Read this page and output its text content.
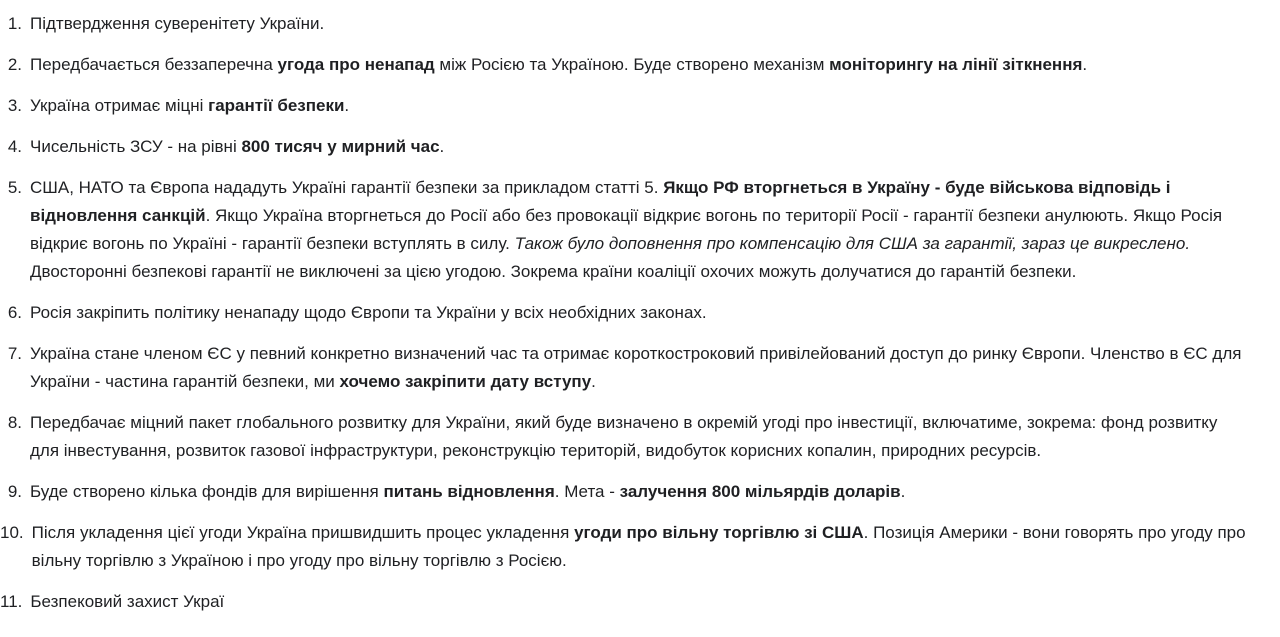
1. Підтвердження суверенітету України.
2. Передбачається беззаперечна угода про ненапад між Росією та Україною. Буде створено механізм моніторингу на лінії зіткнення.
3. Україна отримає міцні гарантії безпеки.
4. Чисельність ЗСУ - на рівні 800 тисяч у мирний час.
5. США, НАТО та Європа нададуть Україні гарантії безпеки за прикладом статті 5. Якщо РФ вторгнеться в Україну - буде військова відповідь і відновлення санкцій. Якщо Україна вторгнеться до Росії або без провокації відкриє вогонь по території Росії - гарантії безпеки анулюють. Якщо Росія відкриє вогонь по Україні - гарантії безпеки вступлять в силу. Також було доповнення про компенсацію для США за гарантії, зараз це викреслено. Двосторонні безпекові гарантії не виключені за цією угодою. Зокрема країни коаліції охочих можуть долучатися до гарантій безпеки.
6. Росія закріпить політику ненападу щодо Європи та України у всіх необхідних законах.
7. Україна стане членом ЄС у певний конкретно визначений час та отримає короткостроковий привілейований доступ до ринку Європи. Членство в ЄС для України - частина гарантій безпеки, ми хочемо закріпити дату вступу.
8. Передбачає міцний пакет глобального розвитку для України, який буде визначено в окремій угоді про інвестиції, включатиме, зокрема: фонд розвитку для інвестування, розвиток газової інфраструктури, реконструкцію територій, видобуток корисних копалин, природних ресурсів.
9. Буде створено кілька фондів для вирішення питань відновлення. Мета - залучення 800 мільярдів доларів.
10. Після укладення цієї угоди Україна пришвидшить процес укладення угоди про вільну торгівлю зі США. Позиція Америки - вони говорять про угоду про вільну торгівлю з Україною і про угоду про вільну торгівлю з Росією.
11. Безпековий захист Украї
